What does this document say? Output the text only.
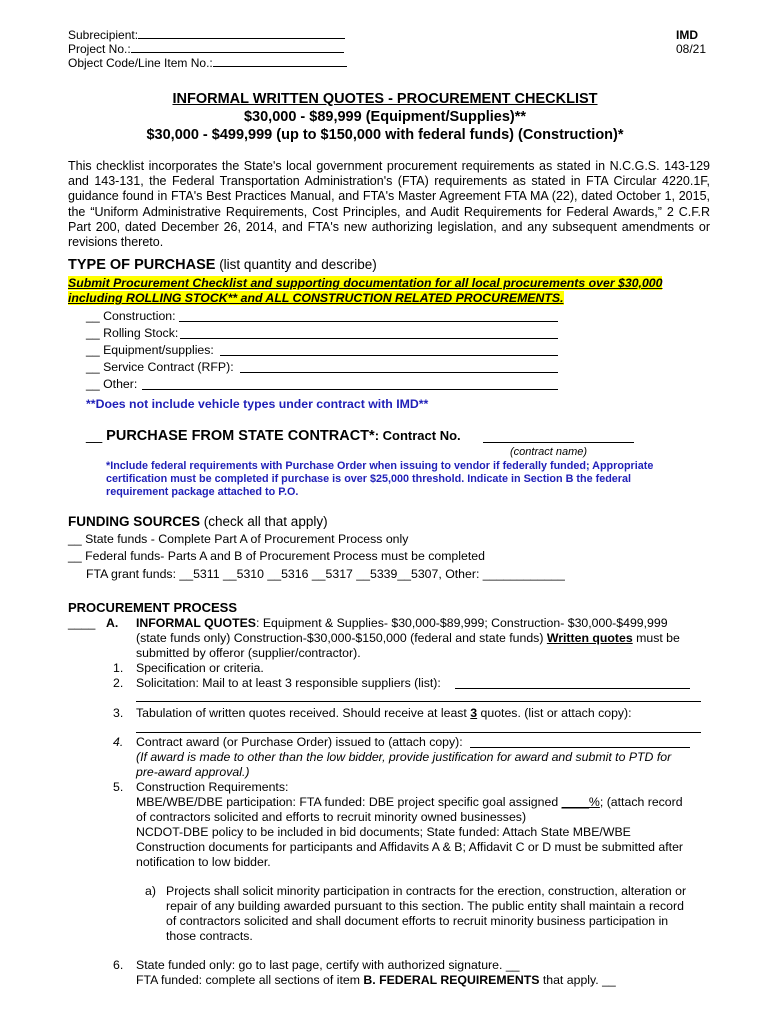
Subrecipient:
Project No.:
Object Code/Line Item No.:
IMD
08/21
INFORMAL WRITTEN QUOTES - PROCUREMENT CHECKLIST
$30,000 - $89,999 (Equipment/Supplies)**
$30,000 - $499,999 (up to $150,000 with federal funds) (Construction)*
This checklist incorporates the State's local government procurement requirements as stated in N.C.G.S. 143-129 and 143-131, the Federal Transportation Administration's (FTA) requirements as stated in FTA Circular 4220.1F, guidance found in FTA's Best Practices Manual, and FTA's Master Agreement FTA MA (22), dated October 1, 2015, the “Uniform Administrative Requirements, Cost Principles, and Audit Requirements for Federal Awards,” 2 C.F.R Part 200, dated December 26, 2014, and FTA's new authorizing legislation, and any subsequent amendments or revisions thereto.
TYPE OF PURCHASE (list quantity and describe)
Submit Procurement Checklist and supporting documentation for all local procurements over $30,000
including ROLLING STOCK** and ALL CONSTRUCTION RELATED PROCUREMENTS.
__ Construction:
__ Rolling Stock:
__ Equipment/supplies:
__ Service Contract (RFP):
__ Other:
**Does not include vehicle types under contract with IMD**
__ PURCHASE FROM STATE CONTRACT*: Contract No.
(contract name)
*Include federal requirements with Purchase Order when issuing to vendor if federally funded; Appropriate
certification must be completed if purchase is over $25,000 threshold. Indicate in Section B the federal
requirement package attached to P.O.
FUNDING SOURCES (check all that apply)
__ State funds - Complete Part A of Procurement Process only
__ Federal funds- Parts A and B of Procurement Process must be completed
FTA grant funds: __5311 __5310 __5316 __5317 __5339__5307, Other: ____________
PROCUREMENT PROCESS
____ A. INFORMAL QUOTES: Equipment & Supplies- $30,000-$89,999; Construction- $30,000-$499,999
(state funds only) Construction-$30,000-$150,000 (federal and state funds) Written quotes must be
submitted by offeror (supplier/contractor).
1. Specification or criteria.
2. Solicitation: Mail to at least 3 responsible suppliers (list):
3. Tabulation of written quotes received. Should receive at least 3 quotes. (list or attach copy):
4. Contract award (or Purchase Order) issued to (attach copy):
(If award is made to other than the low bidder, provide justification for award and submit to PTD for
pre-award approval.)
5. Construction Requirements:
MBE/WBE/DBE participation: FTA funded: DBE project specific goal assigned ____%; (attach record
of contractors solicited and efforts to recruit minority owned businesses)
NCDOT-DBE policy to be included in bid documents; State funded: Attach State MBE/WBE
Construction documents for participants and Affidavits A & B; Affidavit C or D must be submitted after
notification to low bidder.
a) Projects shall solicit minority participation in contracts for the erection, construction, alteration or
repair of any building awarded pursuant to this section. The public entity shall maintain a record
of contractors solicited and shall document efforts to recruit minority business participation in
those contracts.
6. State funded only: go to last page, certify with authorized signature. __
FTA funded: complete all sections of item B. FEDERAL REQUIREMENTS that apply. __
